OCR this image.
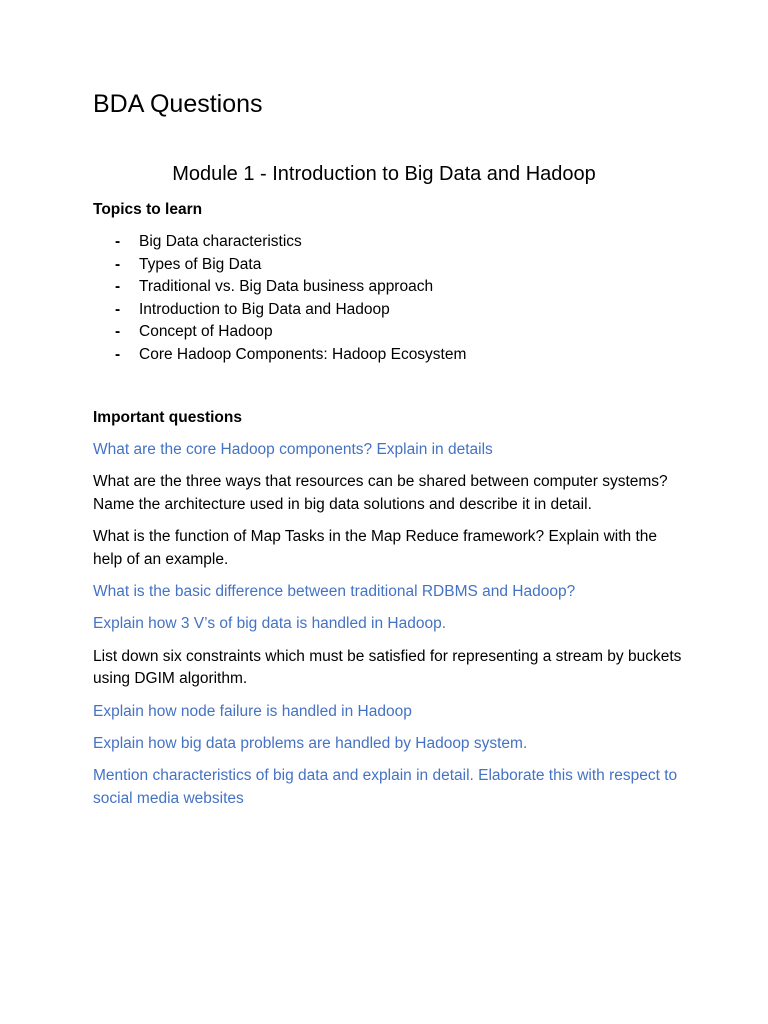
BDA Questions
Module 1 - Introduction to Big Data and Hadoop
Topics to learn
- Big Data characteristics
- Types of Big Data
- Traditional vs. Big Data business approach
- Introduction to Big Data and Hadoop
- Concept of Hadoop
- Core Hadoop Components: Hadoop Ecosystem
Important questions

What are the core Hadoop components? Explain in details

What are the three ways that resources can be shared between computer systems? Name the architecture used in big data solutions and describe it in detail.

What is the function of Map Tasks in the Map Reduce framework? Explain with the help of an example.

What is the basic difference between traditional RDBMS and Hadoop?

Explain how 3 V’s of big data is handled in Hadoop.

List down six constraints which must be satisfied for representing a stream by buckets using DGIM algorithm.

Explain how node failure is handled in Hadoop

Explain how big data problems are handled by Hadoop system.

Mention characteristics of big data and explain in detail. Elaborate this with respect to social media websites
